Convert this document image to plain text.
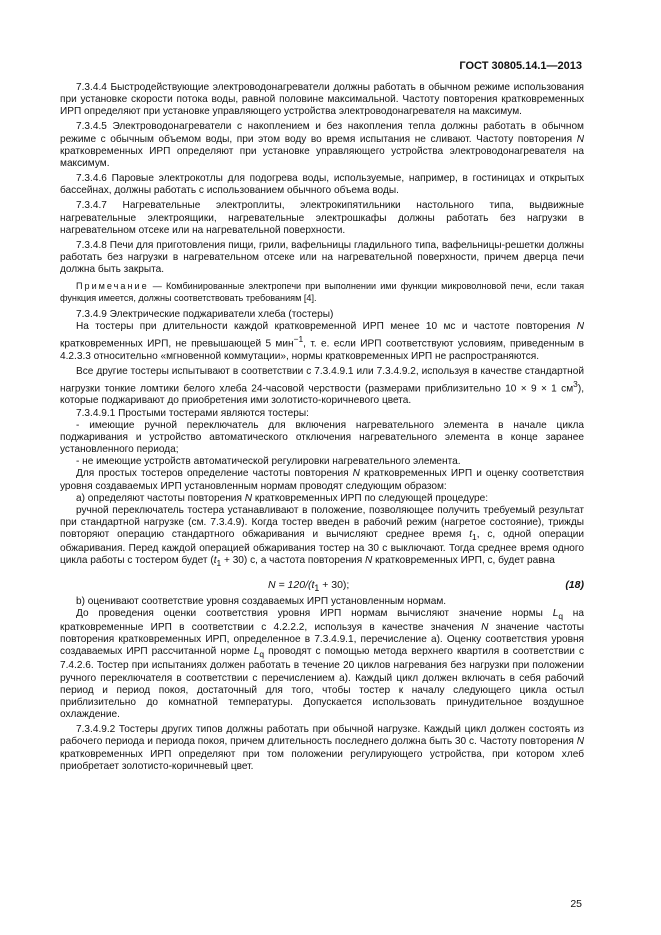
ГОСТ 30805.14.1—2013

7.3.4.4 Быстродействующие электроводонагреватели должны работать в обычном режиме использования при установке скорости потока воды, равной половине максимальной. Частоту повторения кратковременных ИРП определяют при установке управляющего устройства электроводонагревателя на максимум.

7.3.4.5 Электроводонагреватели с накоплением и без накопления тепла должны работать в обычном режиме с обычным объемом воды, при этом воду во время испытания не сливают. Частоту повторения N кратковременных ИРП определяют при установке управляющего устройства электроводонагревателя на максимум.

7.3.4.6 Паровые электрокотлы для подогрева воды, используемые, например, в гостиницах и открытых бассейнах, должны работать с использованием обычного объема воды.

7.3.4.7 Нагревательные электроплиты, электрокипятильники настольного типа, выдвижные нагревательные электроящики, нагревательные электрошкафы должны работать без нагрузки в нагревательном отсеке или на нагревательной поверхности.

7.3.4.8 Печи для приготовления пищи, грили, вафельницы гладильного типа, вафельницы-решетки должны работать без нагрузки в нагревательном отсеке или на нагревательной поверхности, причем дверца печи должна быть закрыта.

Примечание — Комбинированные электропечи при выполнении ими функции микроволновой печи, если такая функция имеется, должны соответствовать требованиям [4].

7.3.4.9 Электрические поджариватели хлеба (тостеры)

На тостеры при длительности каждой кратковременной ИРП менее 10 мс и частоте повторения N кратковременных ИРП, не превышающей 5 мин$^{-1}$, т. е. если ИРП соответствуют условиям, приведенным в 4.2.3.3 относительно «мгновенной коммутации», нормы кратковременных ИРП не распространяются.

Все другие тостеры испытывают в соответствии с 7.3.4.9.1 или 7.3.4.9.2, используя в качестве стандартной нагрузки тонкие ломтики белого хлеба 24-часовой черствости (размерами приблизительно 10 × 9 × 1 $см^3$), которые поджаривают до приобретения ими золотисто-коричневого цвета.

7.3.4.9.1 Простыми тостерами являются тостеры:

- имеющие ручной переключатель для включения нагревательного элемента в начале цикла поджаривания и устройство автоматического отключения нагревательного элемента в конце заранее установленного периода;

- не имеющие устройств автоматической регулировки нагревательного элемента.

Для простых тостеров определение частоты повторения N кратковременных ИРП и оценку соответствия уровня создаваемых ИРП установленным нормам проводят следующим образом:

а) определяют частоты повторения N кратковременных ИРП по следующей процедуре:

ручной переключатель тостера устанавливают в положение, позволяющее получить требуемый результат при стандартной нагрузке (см. 7.3.4.9). Когда тостер введен в рабочий режим (нагретое состояние), трижды повторяют операцию стандартного обжаривания и вычисляют среднее время $t_1$, с, одной операции обжаривания. Перед каждой операцией обжаривания тостер на 30 с выключают. Тогда среднее время одного цикла работы с тостером будет $(t_1 + 30)$ с, а частота повторения N кратковременных ИРП, с, будет равна

$N = 120/(t_1 + 30)$;	(18)

b) оценивают соответствие уровня создаваемых ИРП установленным нормам.

До проведения оценки соответствия уровня ИРП нормам вычисляют значение нормы $L_q$ на кратковременные ИРП в соответствии с 4.2.2.2, используя в качестве значения N значение частоты повторения кратковременных ИРП, определенное в 7.3.4.9.1, перечисление а). Оценку соответствия уровня создаваемых ИРП рассчитанной норме $L_q$ проводят с помощью метода верхнего квартиля в соответствии с 7.4.2.6. Тостер при испытаниях должен работать в течение 20 циклов нагревания без нагрузки при положении ручного переключателя в соответствии с перечислением а). Каждый цикл должен включать в себя рабочий период и период покоя, достаточный для того, чтобы тостер к началу следующего цикла остыл приблизительно до комнатной температуры. Допускается использовать принудительное воздушное охлаждение.

7.3.4.9.2 Тостеры других типов должны работать при обычной нагрузке. Каждый цикл должен состоять из рабочего периода и периода покоя, причем длительность последнего должна быть 30 с. Частоту повторения N кратковременных ИРП определяют при том положении регулирующего устройства, при котором хлеб приобретает золотисто-коричневый цвет.

25
